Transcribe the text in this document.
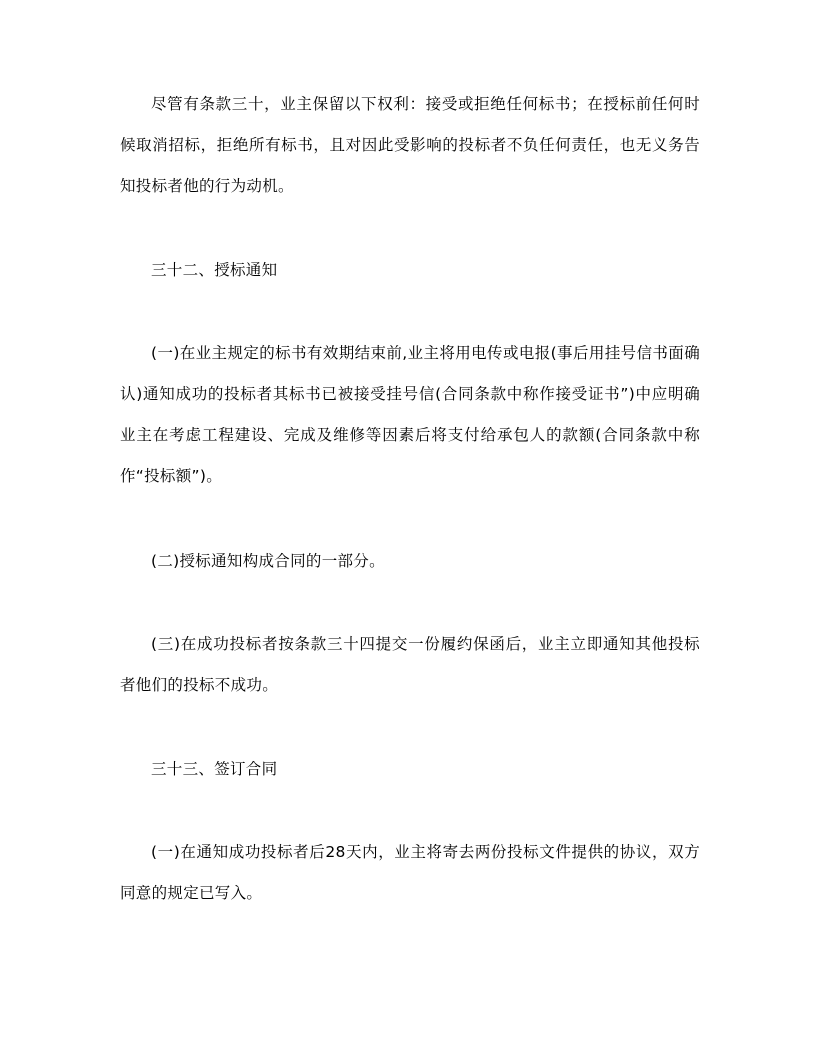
尽管有条款三十，业主保留以下权利：接受或拒绝任何标书；在授标前任何时候取消招标，拒绝所有标书，且对因此受影响的投标者不负任何责任，也无义务告知投标者他的行为动机。

三十二、授标通知

(一)在业主规定的标书有效期结束前,业主将用电传或电报(事后用挂号信书面确认)通知成功的投标者其标书已被接受挂号信(合同条款中称作接受证书”)中应明确业主在考虑工程建设、完成及维修等因素后将支付给承包人的款额(合同条款中称作“投标额”)。

(二)授标通知构成合同的一部分。

(三)在成功投标者按条款三十四提交一份履约保函后，业主立即通知其他投标者他们的投标不成功。

三十三、签订合同

(一)在通知成功投标者后28天内，业主将寄去两份投标文件提供的协议，双方同意的规定已写入。
